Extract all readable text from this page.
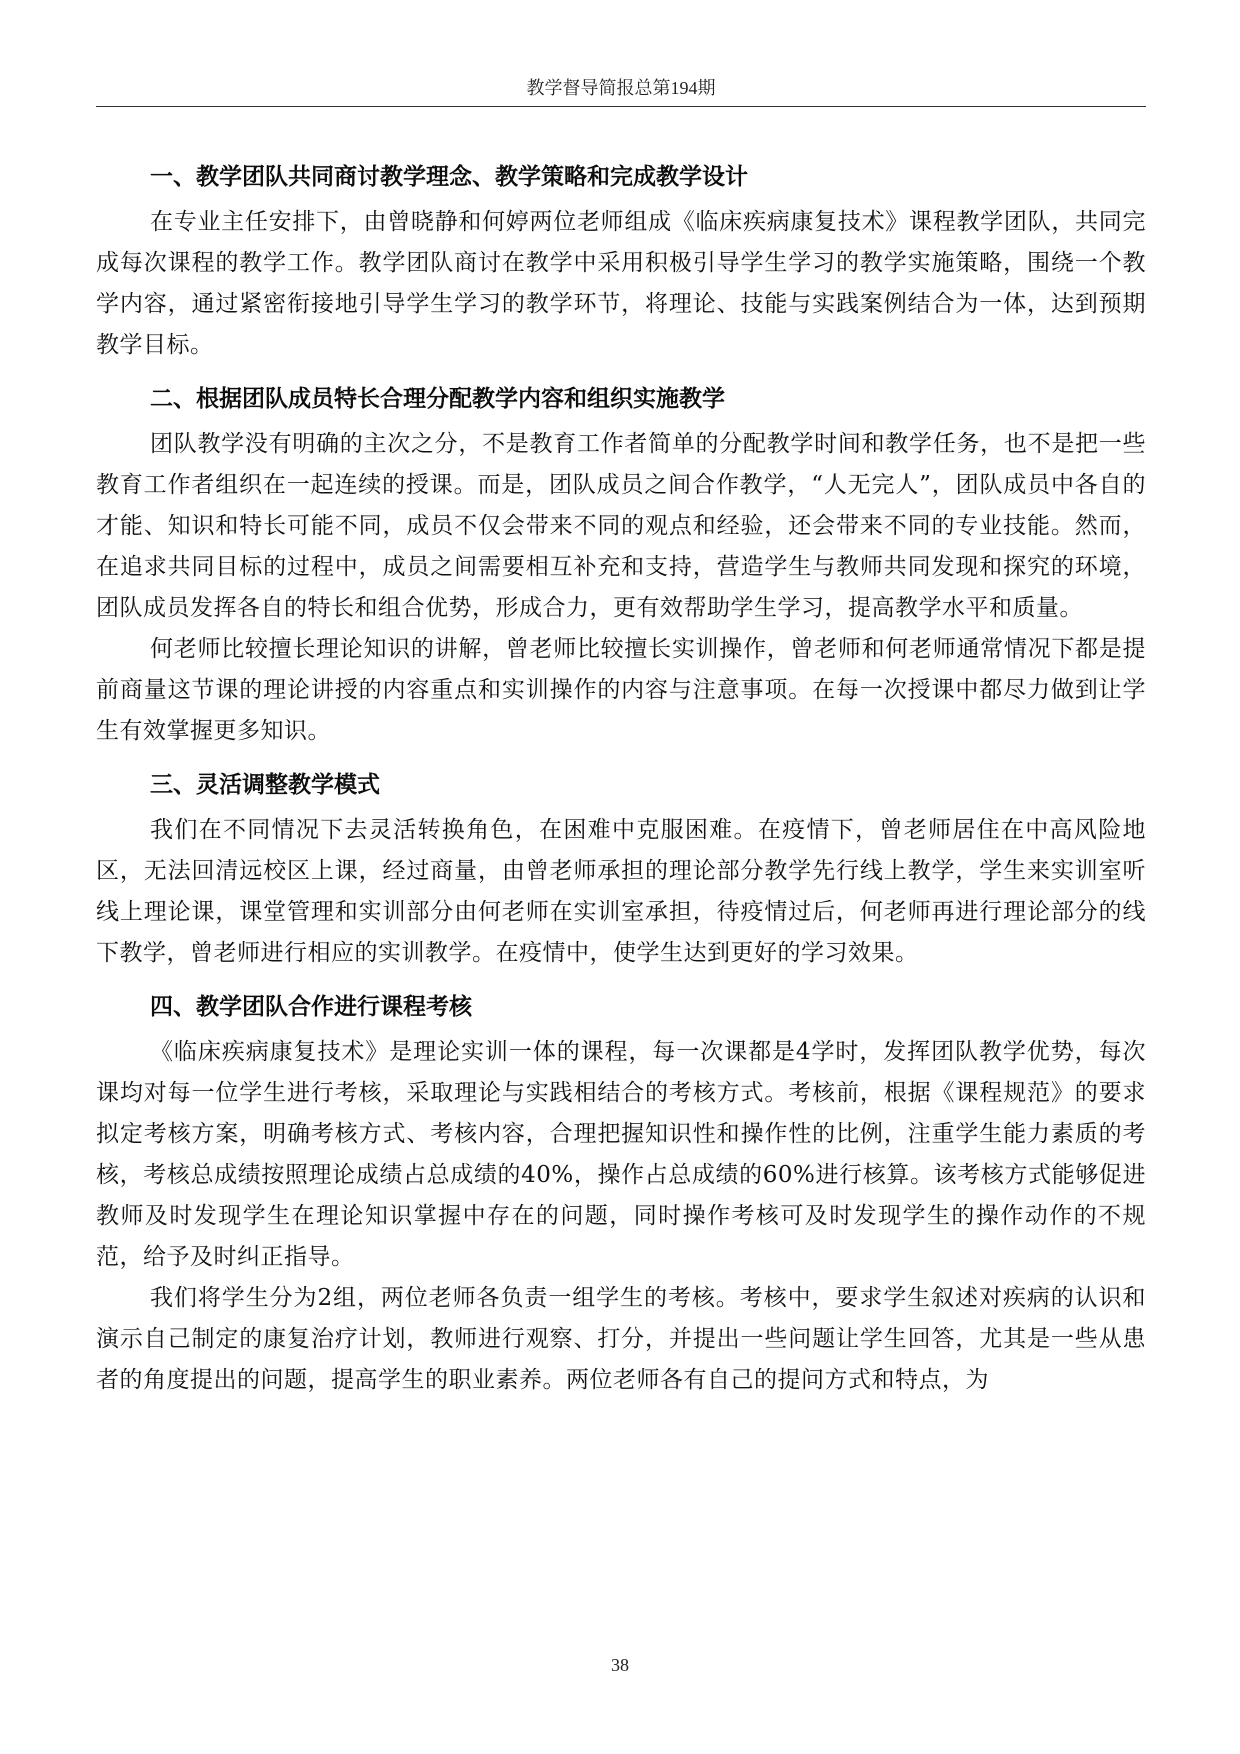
教学督导简报总第194期
一、教学团队共同商讨教学理念、教学策略和完成教学设计

在专业主任安排下，由曾晓静和何婷两位老师组成《临床疾病康复技术》课程教学团队，共同完成每次课程的教学工作。教学团队商讨在教学中采用积极引导学生学习的教学实施策略，围绕一个教学内容，通过紧密衔接地引导学生学习的教学环节，将理论、技能与实践案例结合为一体，达到预期教学目标。

二、根据团队成员特长合理分配教学内容和组织实施教学

团队教学没有明确的主次之分，不是教育工作者简单的分配教学时间和教学任务，也不是把一些教育工作者组织在一起连续的授课。而是，团队成员之间合作教学，“人无完人”，团队成员中各自的才能、知识和特长可能不同，成员不仅会带来不同的观点和经验，还会带来不同的专业技能。然而，在追求共同目标的过程中，成员之间需要相互补充和支持，营造学生与教师共同发现和探究的环境，团队成员发挥各自的特长和组合优势，形成合力，更有效帮助学生学习，提高教学水平和质量。

何老师比较擅长理论知识的讲解，曾老师比较擅长实训操作，曾老师和何老师通常情况下都是提前商量这节课的理论讲授的内容重点和实训操作的内容与注意事项。在每一次授课中都尽力做到让学生有效掌握更多知识。

三、灵活调整教学模式

我们在不同情况下去灵活转换角色，在困难中克服困难。在疫情下，曾老师居住在中高风险地区，无法回清远校区上课，经过商量，由曾老师承担的理论部分教学先行线上教学，学生来实训室听线上理论课，课堂管理和实训部分由何老师在实训室承担，待疫情过后，何老师再进行理论部分的线下教学，曾老师进行相应的实训教学。在疫情中，使学生达到更好的学习效果。

四、教学团队合作进行课程考核

《临床疾病康复技术》是理论实训一体的课程，每一次课都是4学时，发挥团队教学优势，每次课均对每一位学生进行考核，采取理论与实践相结合的考核方式。考核前，根据《课程规范》的要求拟定考核方案，明确考核方式、考核内容，合理把握知识性和操作性的比例，注重学生能力素质的考核，考核总成绩按照理论成绩占总成绩的40%，操作占总成绩的60%进行核算。该考核方式能够促进教师及时发现学生在理论知识掌握中存在的问题，同时操作考核可及时发现学生的操作动作的不规范，给予及时纠正指导。

我们将学生分为2组，两位老师各负责一组学生的考核。考核中，要求学生叙述对疾病的认识和演示自己制定的康复治疗计划，教师进行观察、打分，并提出一些问题让学生回答，尤其是一些从患者的角度提出的问题，提高学生的职业素养。两位老师各有自己的提问方式和特点，为

38
